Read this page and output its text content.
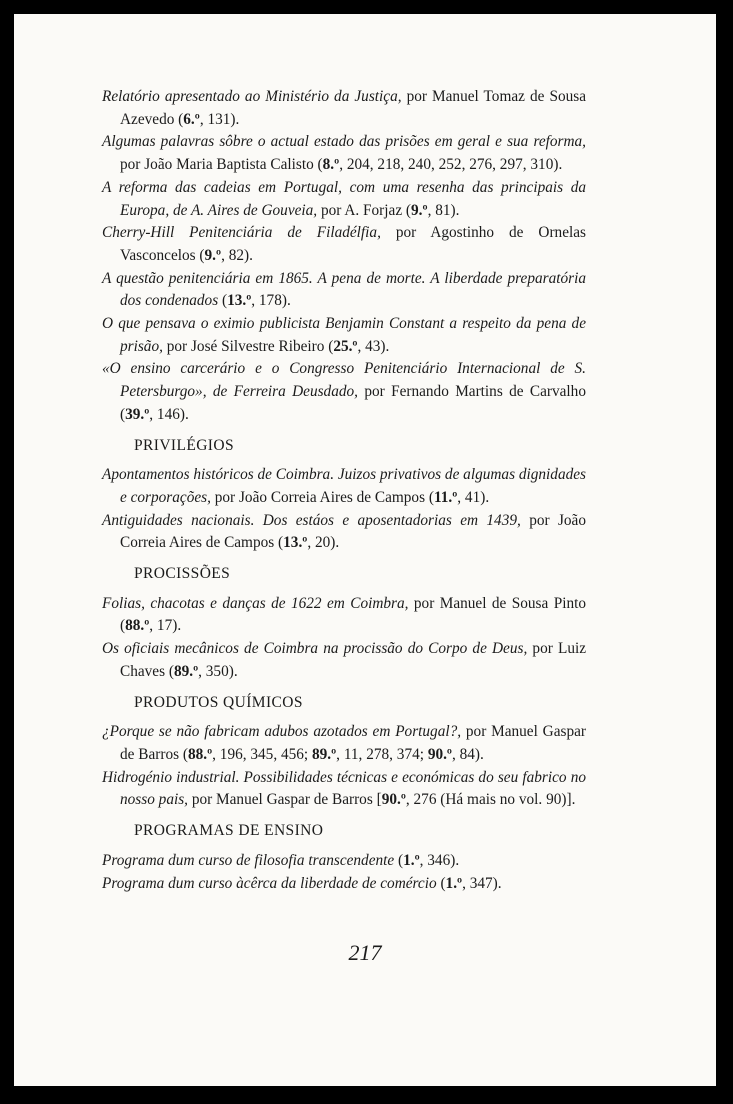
Relatório apresentado ao Ministério da Justiça, por Manuel Tomaz de Sousa Azevedo (6.º, 131).

Algumas palavras sôbre o actual estado das prisões em geral e sua reforma, por João Maria Baptista Calisto (8.º, 204, 218, 240, 252, 276, 297, 310).

A reforma das cadeias em Portugal, com uma resenha das principais da Europa, de A. Aires de Gouveia, por A. Forjaz (9.º, 81).

Cherry-Hill Penitenciária de Filadélfia, por Agostinho de Ornelas Vasconcelos (9.º, 82).

A questão penitenciária em 1865. A pena de morte. A liberdade preparatória dos condenados (13.º, 178).

O que pensava o eximio publicista Benjamin Constant a respeito da pena de prisão, por José Silvestre Ribeiro (25.º, 43).

«O ensino carcerário e o Congresso Penitenciário Internacional de S. Petersburgo», de Ferreira Deusdado, por Fernando Martins de Carvalho (39.º, 146).

PRIVILÉGIOS

Apontamentos históricos de Coimbra. Juizos privativos de algumas dignidades e corporações, por João Correia Aires de Campos (11.º, 41).

Antiguidades nacionais. Dos estáos e aposentadorias em 1439, por João Correia Aires de Campos (13.º, 20).

PROCISSÕES

Folias, chacotas e danças de 1622 em Coimbra, por Manuel de Sousa Pinto (88.º, 17).

Os oficiais mecânicos de Coimbra na procissão do Corpo de Deus, por Luiz Chaves (89.º, 350).

PRODUTOS QUÍMICOS

¿Porque se não fabricam adubos azotados em Portugal?, por Manuel Gaspar de Barros (88.º, 196, 345, 456; 89.º, 11, 278, 374; 90.º, 84).

Hidrogénio industrial. Possibilidades técnicas e económicas do seu fabrico no nosso pais, por Manuel Gaspar de Barros [90.º, 276 (Há mais no vol. 90)].

PROGRAMAS DE ENSINO

Programa dum curso de filosofia transcendente (1.º, 346).

Programa dum curso àcêrca da liberdade de comércio (1.º, 347).

217
